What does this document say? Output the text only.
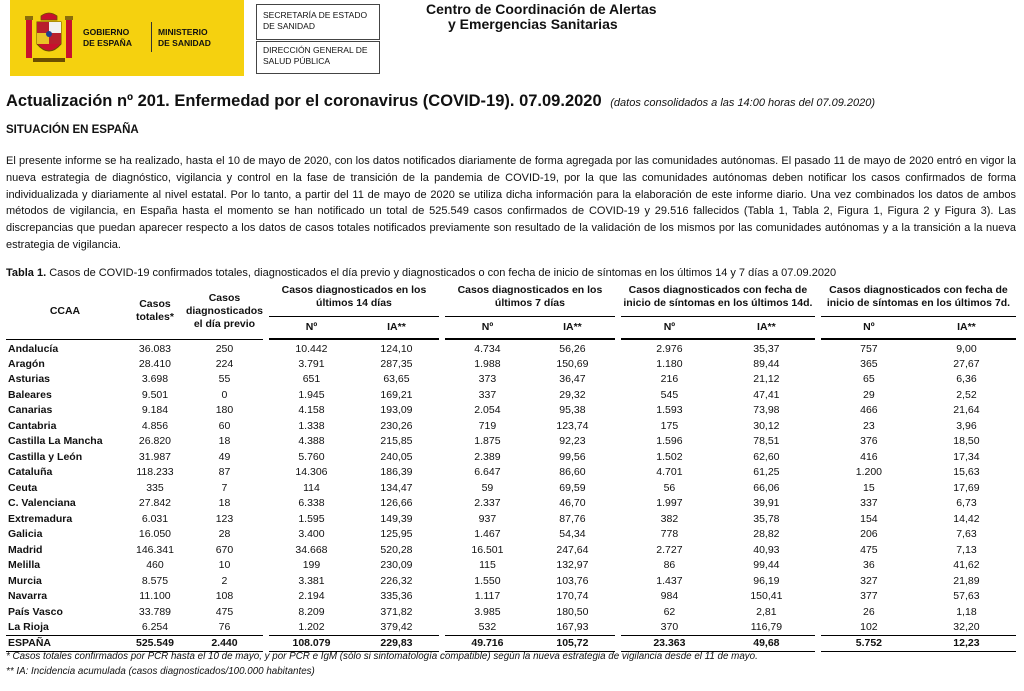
GOBIERNO
DE ESPAÑA
MINISTERIO
DE SANIDAD
SECRETARÍA DE ESTADO DE SANIDAD
DIRECCIÓN GENERAL DE SALUD PÚBLICA
Centro de Coordinación de Alertas
y Emergencias Sanitarias
Actualización nº 201. Enfermedad por el coronavirus (COVID-19). 07.09.2020 (datos consolidados a las 14:00 horas del 07.09.2020)
SITUACIÓN EN ESPAÑA
El presente informe se ha realizado, hasta el 10 de mayo de 2020, con los datos notificados diariamente de forma agregada por las comunidades autónomas. El pasado 11 de mayo de 2020 entró en vigor la nueva estrategia de diagnóstico, vigilancia y control en la fase de transición de la pandemia de COVID-19, por la que las comunidades autónomas deben notificar los casos confirmados de forma individualizada y diariamente al nivel estatal. Por lo tanto, a partir del 11 de mayo de 2020 se utiliza dicha información para la elaboración de este informe diario. Una vez combinados los datos de ambos métodos de vigilancia, en España hasta el momento se han notificado un total de 525.549 casos confirmados de COVID-19 y 29.516 fallecidos (Tabla 1, Tabla 2, Figura 1, Figura 2 y Figura 3). Las discrepancias que puedan aparecer respecto a los datos de casos totales notificados previamente son resultado de la validación de los mismos por las comunidades autónomas y a la transición a la nueva estrategia de vigilancia.
Tabla 1. Casos de COVID-19 confirmados totales, diagnosticados el día previo y diagnosticados o con fecha de inicio de síntomas en los últimos 14 y 7 días a 07.09.2020
CCAA	Casos totales*	Casos diagnosticados el día previo	Casos diagnosticados en los últimos 14 días		Casos diagnosticados en los últimos 7 días		Casos diagnosticados con fecha de inicio de síntomas en los últimos 14d.		Casos diagnosticados con fecha de inicio de síntomas en los últimos 7d.	
			Nº	IA**	Nº	IA**	Nº	IA**	Nº	IA**

Andalucía	36.083	250	10.442	124,10	4.734	56,26	2.976	35,37	757	9,00
Aragón	28.410	224	3.791	287,35	1.988	150,69	1.180	89,44	365	27,67
Asturias	3.698	55	651	63,65	373	36,47	216	21,12	65	6,36
Baleares	9.501	0	1.945	169,21	337	29,32	545	47,41	29	2,52
Canarias	9.184	180	4.158	193,09	2.054	95,38	1.593	73,98	466	21,64
Cantabria	4.856	60	1.338	230,26	719	123,74	175	30,12	23	3,96
Castilla La Mancha	26.820	18	4.388	215,85	1.875	92,23	1.596	78,51	376	18,50
Castilla y León	31.987	49	5.760	240,05	2.389	99,56	1.502	62,60	416	17,34
Cataluña	118.233	87	14.306	186,39	6.647	86,60	4.701	61,25	1.200	15,63
Ceuta	335	7	114	134,47	59	69,59	56	66,06	15	17,69
C. Valenciana	27.842	18	6.338	126,66	2.337	46,70	1.997	39,91	337	6,73
Extremadura	6.031	123	1.595	149,39	937	87,76	382	35,78	154	14,42
Galicia	16.050	28	3.400	125,95	1.467	54,34	778	28,82	206	7,63
Madrid	146.341	670	34.668	520,28	16.501	247,64	2.727	40,93	475	7,13
Melilla	460	10	199	230,09	115	132,97	86	99,44	36	41,62
Murcia	8.575	2	3.381	226,32	1.550	103,76	1.437	96,19	327	21,89
Navarra	11.100	108	2.194	335,36	1.117	170,74	984	150,41	377	57,63
País Vasco	33.789	475	8.209	371,82	3.985	180,50	62	2,81	26	1,18
La Rioja	6.254	76	1.202	379,42	532	167,93	370	116,79	102	32,20
ESPAÑA	525.549	2.440	108.079	229,83	49.716	105,72	23.363	49,68	5.752	12,23
* Casos totales confirmados por PCR hasta el 10 de mayo, y por PCR e IgM (sólo si sintomatología compatible) según la nueva estrategia de vigilancia desde el 11 de mayo.
** IA: Incidencia acumulada (casos diagnosticados/100.000 habitantes)
